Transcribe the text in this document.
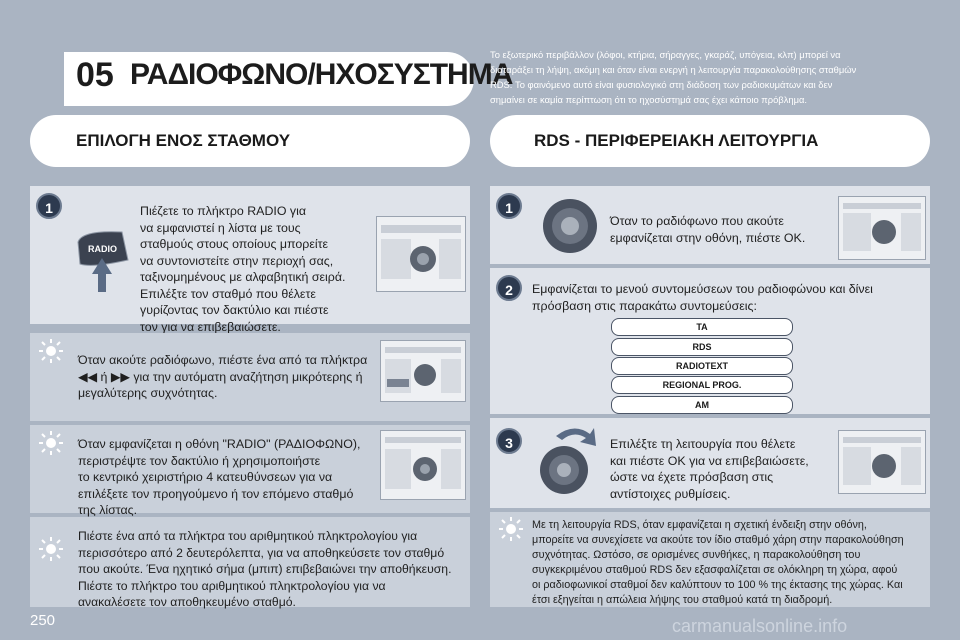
05 ΡΑΔΙΟΦΩΝΟ/ΗΧΟΣΥΣΤΗΜΑ
Το εξωτερικό περιβάλλον (λόφοι, κτήρια, σήραγγες, γκαράζ, υπόγεια, κλπ) μπορεί να
διαταράξει τη λήψη, ακόμη και όταν είναι ενεργή η λειτουργία παρακολούθησης σταθμών
RDS. Το φαινόμενο αυτό είναι φυσιολογικό στη διάδοση των ραδιοκυμάτων και δεν
σημαίνει σε καμία περίπτωση ότι το ηχοσύστημά σας έχει κάποιο πρόβλημα.
ΕΠΙΛΟΓΗ ΕΝΟΣ ΣΤΑΘΜΟΥ	RDS - ΠΕΡΙΦΕΡΕΙΑΚΗ ΛΕΙΤΟΥΡΓΙΑ
1
RADIO
Πιέζετε το πλήκτρο RADIO για
να εμφανιστεί η λίστα με τους
σταθμούς στους οποίους μπορείτε
να συντονιστείτε στην περιοχή σας,
ταξινομημένους με αλφαβητική σειρά.
Επιλέξτε τον σταθμό που θέλετε
γυρίζοντας τον δακτύλιο και πιέστε
τον για να επιβεβαιώσετε.
Όταν ακούτε ραδιόφωνο, πιέστε ένα από τα πλήκτρα
◀◀ ή ▶▶ για την αυτόματη αναζήτηση μικρότερης ή
μεγαλύτερης συχνότητας.
Όταν εμφανίζεται η οθόνη "RADIO" (ΡΑΔΙΟΦΩΝΟ),
περιστρέψτε τον δακτύλιο ή χρησιμοποιήστε
το κεντρικό χειριστήριο 4 κατευθύνσεων για να
επιλέξετε τον προηγούμενο ή τον επόμενο σταθμό
της λίστας.
Πιέστε ένα από τα πλήκτρα του αριθμητικού πληκτρολογίου για
περισσότερο από 2 δευτερόλεπτα, για να αποθηκεύσετε τον σταθμό
που ακούτε. Ένα ηχητικό σήμα (μπιπ) επιβεβαιώνει την αποθήκευση.
Πιέστε το πλήκτρο του αριθμητικού πληκτρολογίου για να
ανακαλέσετε τον αποθηκευμένο σταθμό.
1
Όταν το ραδιόφωνο που ακούτε
εμφανίζεται στην οθόνη, πιέστε ΟΚ.
2	Εμφανίζεται το μενού συντομεύσεων του ραδιοφώνου και δίνει
πρόσβαση στις παρακάτω συντομεύσεις:
TA
RDS
RADIOTEXT
REGIONAL PROG.
AM
3	Επιλέξτε τη λειτουργία που θέλετε
και πιέστε ΟΚ για να επιβεβαιώσετε,
ώστε να έχετε πρόσβαση στις
αντίστοιχες ρυθμίσεις.
Με τη λειτουργία RDS, όταν εμφανίζεται η σχετική ένδειξη στην οθόνη,
μπορείτε να συνεχίσετε να ακούτε τον ίδιο σταθμό χάρη στην παρακολούθηση
συχνότητας. Ωστόσο, σε ορισμένες συνθήκες, η παρακολούθηση του
συγκεκριμένου σταθμού RDS δεν εξασφαλίζεται σε ολόκληρη τη χώρα, αφού
οι ραδιοφωνικοί σταθμοί δεν καλύπτουν το 100 % της έκτασης της χώρας. Και
έτσι εξηγείται η απώλεια λήψης του σταθμού κατά τη διαδρομή.
250	carmanualsonline.info
